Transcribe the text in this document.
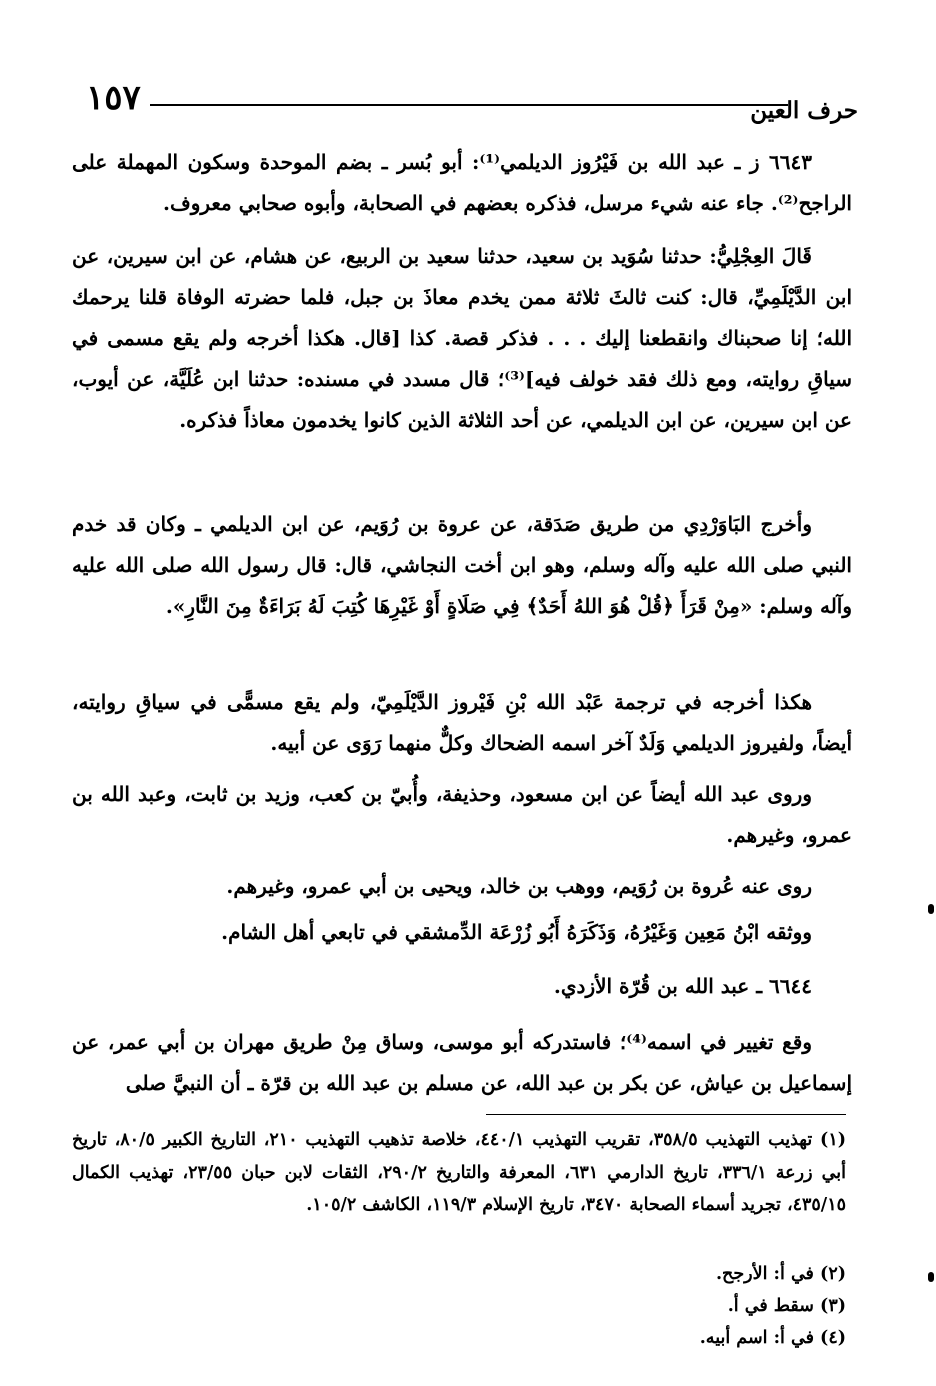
١٥٧	حرف العين
٦٦٤٣ ز ـ عبد الله بن فَيْرُوز الديلمي⁽¹⁾: أبو بُسر ـ بضم الموحدة وسكون المهملة على الراجح⁽²⁾. جاء عنه شيء مرسل، فذكره بعضهم في الصحابة، وأبوه صحابي معروف.
قَالَ العِجْلِيُّ: حدثنا سُوَيد بن سعيد، حدثنا سعيد بن الربيع، عن هشام، عن ابن سيرين، عن ابن الدَّيْلَمِيِّ، قال: كنت ثالثَ ثلاثة ممن يخدم معاذَ بن جبل، فلما حضرته الوفاة قلنا يرحمك الله؛ إنا صحبناك وانقطعنا إليك . . . فذكر قصة. كذا [قال. هكذا أخرجه ولم يقع مسمى في سياقِ روايته، ومع ذلك فقد خولف فيه]⁽³⁾؛ قال مسدد في مسنده: حدثنا ابن عُلَيَّة، عن أيوب، عن ابن سيرين، عن ابن الديلمي، عن أحد الثلاثة الذين كانوا يخدمون معاذاً فذكره.
وأخرج البَاوَرْدِي من طريق صَدَقة، عن عروة بن رُوَيم، عن ابن الديلمي ـ وكان قد خدم النبي صلى الله عليه وآله وسلم، وهو ابن أخت النجاشي، قال: قال رسول الله صلى الله عليه وآله وسلم: «مِنْ قَرَأَ ﴿قُلْ هُوَ اللهُ أَحَدٌ﴾ فِي صَلَاةٍ أَوْ غَيْرِهَا كُتِبَ لَهُ بَرَاءَةٌ مِنَ النَّارِ».
هكذا أخرجه في ترجمة عَبْد الله بْنِ فَيْروز الدَّيْلَمِيّ، ولم يقع مسمًّى في سياقِ روايته، أيضاً، ولفيروز الديلمي وَلَدٌ آخر اسمه الضحاك وكلٌّ منهما رَوَى عن أبيه.
وروى عبد الله أيضاً عن ابن مسعود، وحذيفة، وأُبيّ بن كعب، وزيد بن ثابت، وعبد الله بن عمرو، وغيرهم.
روى عنه عُروة بن رُوَيم، ووهب بن خالد، ويحيى بن أبي عمرو، وغيرهم.
ووثقه ابْنُ مَعِين وَغَيْرُهُ، وَذَكَرَهُ أَبُو زُرْعَة الدِّمشقي في تابعي أهل الشام.
٦٦٤٤ ـ عبد الله بن قُرّة الأزدي.
وقع تغيير في اسمه⁽⁴⁾؛ فاستدركه أبو موسى، وساق مِنْ طريق مهران بن أبي عمر، عن إسماعيل بن عياش، عن بكر بن عبد الله، عن مسلم بن عبد الله بن قرّة ـ أن النبيَّ صلى
(١) تهذيب التهذيب ٣٥٨/٥، تقريب التهذيب ٤٤٠/١، خلاصة تذهيب التهذيب ٢١٠، التاريخ الكبير ٨٠/٥، تاريخ أبي زرعة ٣٣٦/١، تاريخ الدارمي ٦٣١، المعرفة والتاريخ ٢٩٠/٢، الثقات لابن حبان ٢٣/٥٥، تهذيب الكمال ٤٣٥/١٥، تجريد أسماء الصحابة ٣٤٧٠، تاريخ الإسلام ١١٩/٣، الكاشف ١٠٥/٢.
(٢) في أ: الأرجح.
(٣) سقط في أ.
(٤) في أ: اسم أبيه.
